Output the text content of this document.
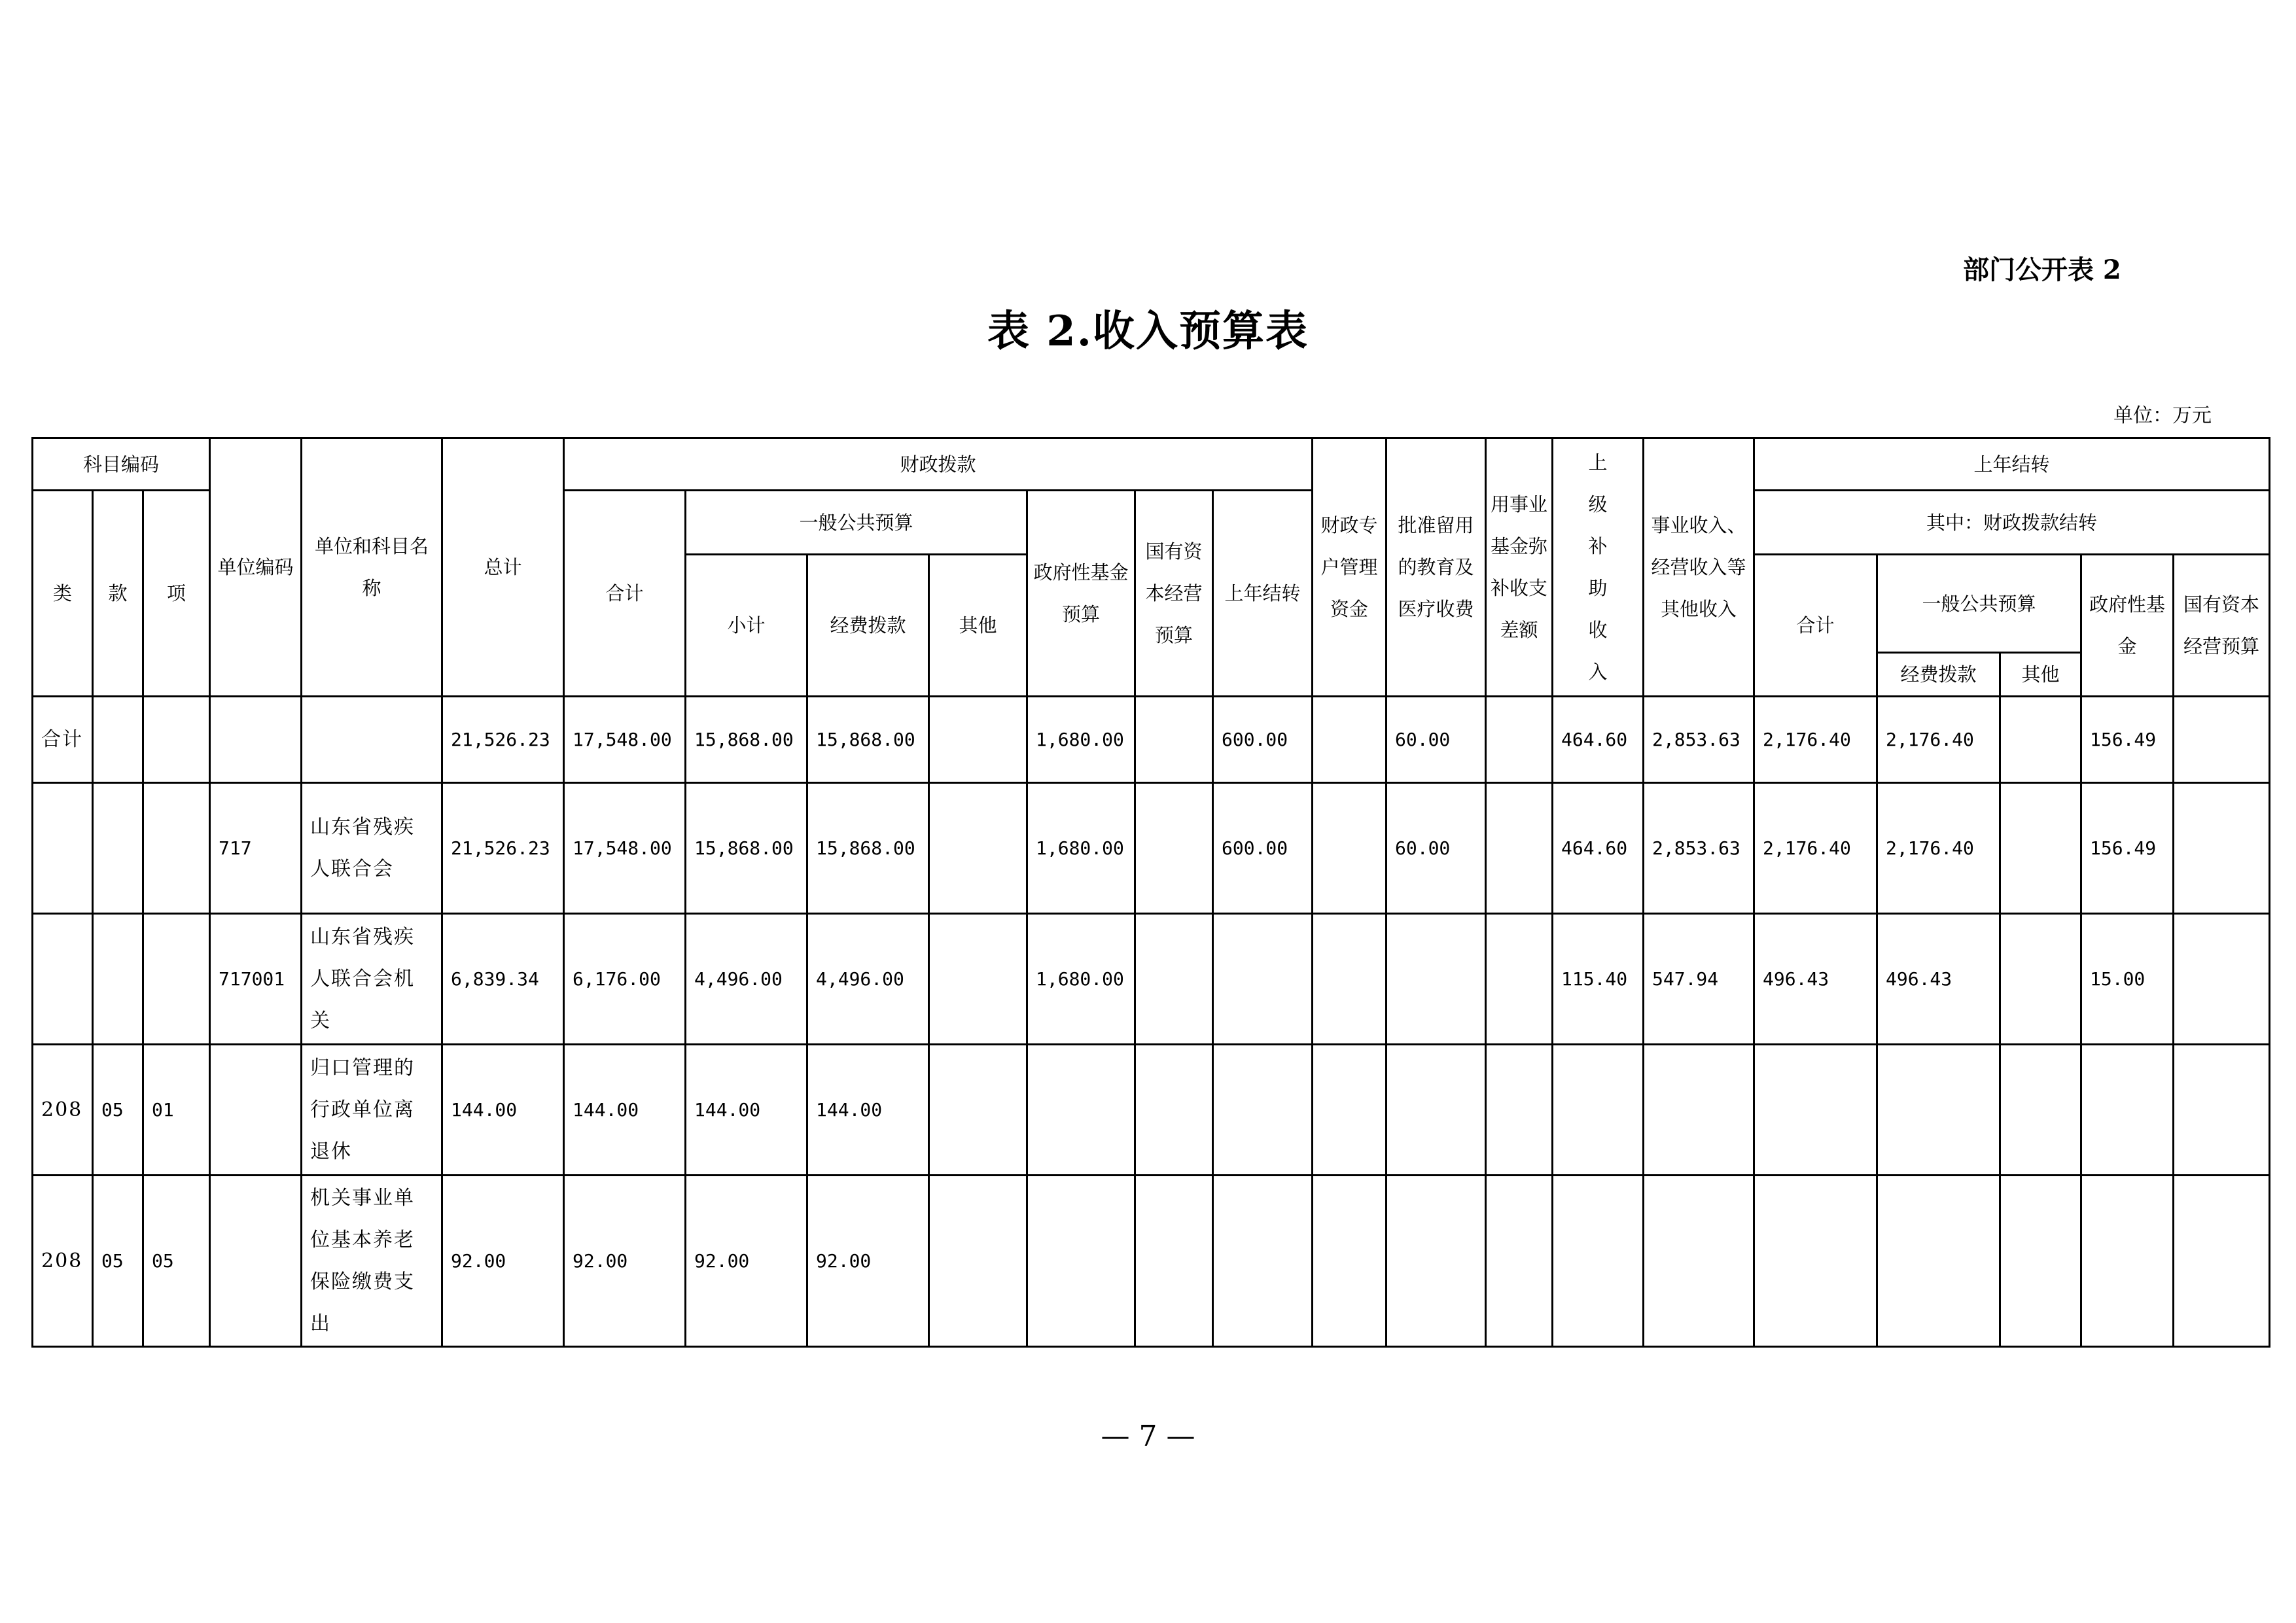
部门公开表 2
表 2.收入预算表
单位：万元
科目编码			单位编码	单位和科目名称	总计	财政拨款							财政专户管理资金	批准留用的教育及医疗收费	用事业基金弥补收支差额	上级补助收入	事业收入、经营收入等其他收入	上年结转				
类	款	项				合计	一般公共预算			政府性基金预算	国有资本经营预算	上年结转						其中：财政拨款结转				
							小计	经费拨款	其他									合计	一般公共预算		政府性基金	国有资本经营预算
																			经费拨款	其他		
合计					21,526.23	17,548.00	15,868.00	15,868.00		1,680.00		600.00		60.00		464.60	2,853.63	2,176.40	2,176.40		156.49	
			717	山东省残疾人联合会	21,526.23	17,548.00	15,868.00	15,868.00		1,680.00		600.00		60.00		464.60	2,853.63	2,176.40	2,176.40		156.49	
			717001	山东省残疾人联合会机关	6,839.34	6,176.00	4,496.00	4,496.00		1,680.00						115.40	547.94	496.43	496.43		15.00	
208	05	01		归口管理的行政单位离退休	144.00	144.00	144.00	144.00														
208	05	05		机关事业单位基本养老保险缴费支出	92.00	92.00	92.00	92.00														
— 7 —
